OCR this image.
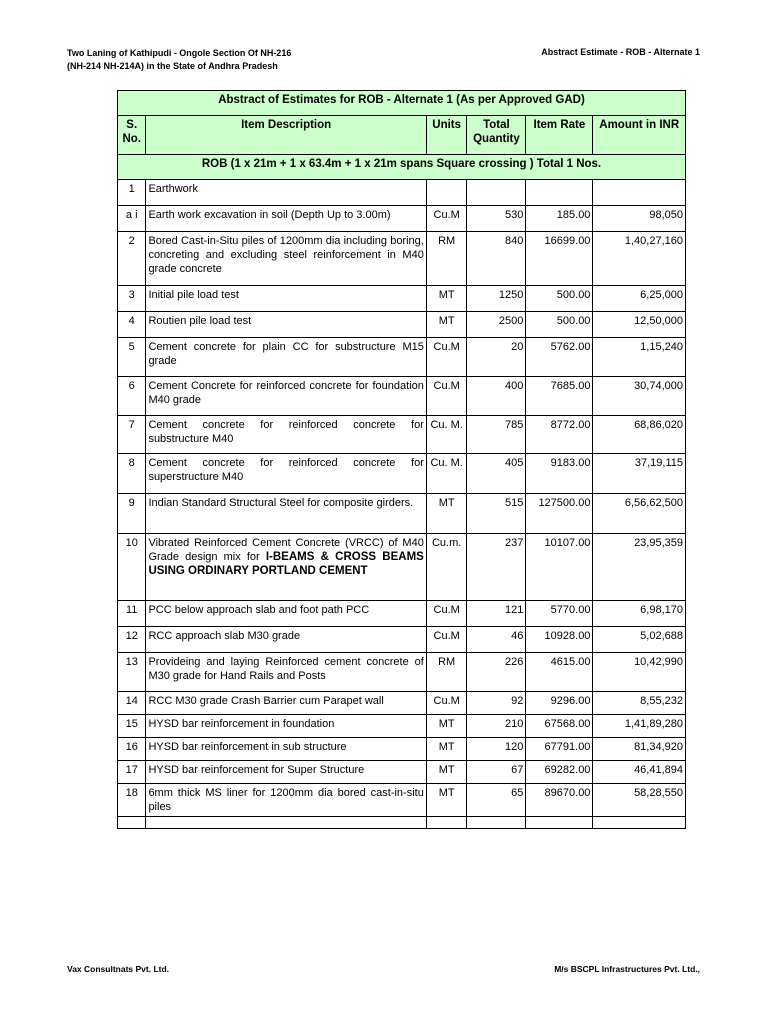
Two Laning of Kathipudi - Ongole Section Of NH-216
(NH-214 NH-214A) in the State of Andhra Pradesh
Abstract Estimate - ROB - Alternate 1
Abstract of Estimates for ROB - Alternate 1 (As per Approved GAD)					
S. No.	Item Description	Units	Total Quantity	Item Rate	Amount in INR
ROB (1 x 21m + 1 x 63.4m + 1 x 21m spans Square crossing ) Total 1 Nos.					
1	Earthwork				
a i	Earth work excavation in soil (Depth Up to 3.00m)	Cu.M	530	185.00	98,050
2	Bored Cast-in-Situ piles of 1200mm dia including boring, concreting and excluding steel reinforcement in M40 grade concrete	RM	840	16699.00	1,40,27,160
3	Initial pile load test	MT	1250	500.00	6,25,000
4	Routien pile load test	MT	2500	500.00	12,50,000
5	Cement concrete for plain CC for substructure M15 grade	Cu.M	20	5762.00	1,15,240
6	Cement Concrete for reinforced concrete for foundation M40 grade	Cu.M	400	7685.00	30,74,000
7	Cement concrete for reinforced concrete for substructure M40	Cu. M.	785	8772.00	68,86,020
8	Cement concrete for reinforced concrete for superstructure M40	Cu. M.	405	9183.00	37,19,115
9	Indian Standard Structural Steel for composite girders.	MT	515	127500.00	6,56,62,500
10	Vibrated Reinforced Cement Concrete (VRCC) of M40 Grade design mix for I-BEAMS & CROSS BEAMS USING ORDINARY PORTLAND CEMENT	Cu.m.	237	10107.00	23,95,359
11	PCC below approach slab and foot path PCC	Cu.M	121	5770.00	6,98,170
12	RCC approach slab M30 grade	Cu.M	46	10928.00	5,02,688
13	Provideing and laying Reinforced cement concrete of M30 grade for Hand Rails and Posts	RM	226	4615.00	10,42,990
14	RCC M30 grade Crash Barrier cum Parapet wall	Cu.M	92	9296.00	8,55,232
15	HYSD bar reinforcement in foundation	MT	210	67568.00	1,41,89,280
16	HYSD bar reinforcement in sub structure	MT	120	67791.00	81,34,920
17	HYSD bar reinforcement for Super Structure	MT	67	69282.00	46,41,894
18	6mm thick MS liner for 1200mm dia bored cast-in-situ piles	MT	65	89670.00	58,28,550

Vax Consultnats Pvt. Ltd.	M/s BSCPL Infrastructures Pvt. Ltd.,
